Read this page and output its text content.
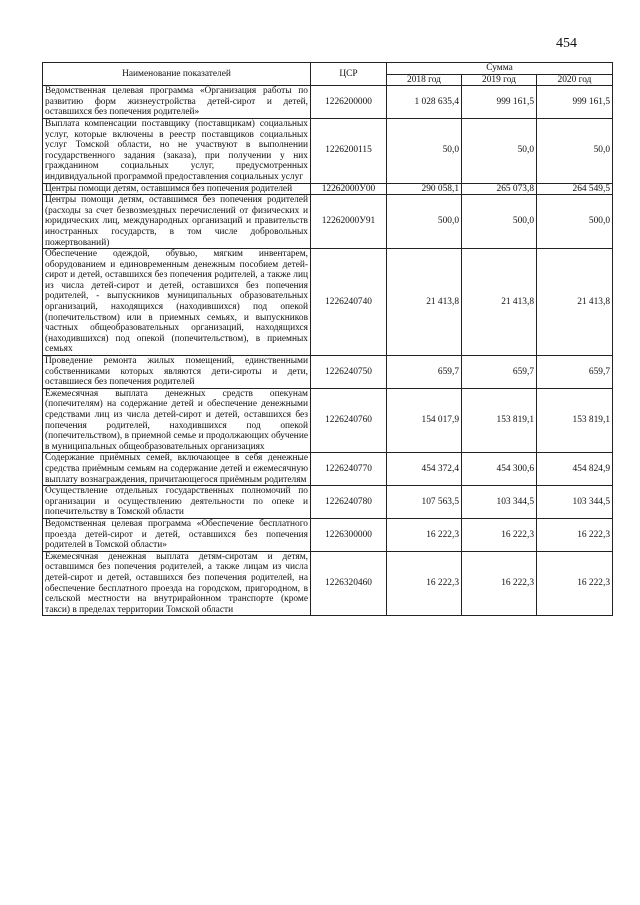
454
Наименование показателей	ЦСР	Сумма		
		2018 год	2019 год	2020 год
Ведомственная целевая программа «Организация работы по развитию форм жизнеустройства детей-сирот и детей, оставшихся без попечения родителей»	1226200000	1 028 635,4	999 161,5	999 161,5
Выплата компенсации поставщику (поставщикам) социальных услуг, которые включены в реестр поставщиков социальных услуг Томской области, но не участвуют в выполнении государственного задания (заказа), при получении у них гражданином социальных услуг, предусмотренных индивидуальной программой предоставления социальных услуг	1226200115	50,0	50,0	50,0
Центры помощи детям, оставшимся без попечения родителей	12262000У00	290 058,1	265 073,8	264 549,5
Центры помощи детям, оставшимся без попечения родителей (расходы за счет безвозмездных перечислений от физических и юридических лиц, международных организаций и правительств иностранных государств, в том числе добровольных пожертвований)	12262000У91	500,0	500,0	500,0
Обеспечение одеждой, обувью, мягким инвентарем, оборудованием и единовременным денежным пособием детей-сирот и детей, оставшихся без попечения родителей, а также лиц из числа детей-сирот и детей, оставшихся без попечения родителей, - выпускников муниципальных образовательных организаций, находящихся (находившихся) под опекой (попечительством) или в приемных семьях, и выпускников частных общеобразовательных организаций, находящихся (находившихся) под опекой (попечительством), в приемных семьях	1226240740	21 413,8	21 413,8	21 413,8
Проведение ремонта жилых помещений, единственными собственниками которых являются дети-сироты и дети, оставшиеся без попечения родителей	1226240750	659,7	659,7	659,7
Ежемесячная выплата денежных средств опекунам (попечителям) на содержание детей и обеспечение денежными средствами лиц из числа детей-сирот и детей, оставшихся без попечения родителей, находившихся под опекой (попечительством), в приемной семье и продолжающих обучение в муниципальных общеобразовательных организациях	1226240760	154 017,9	153 819,1	153 819,1
Содержание приёмных семей, включающее в себя денежные средства приёмным семьям на содержание детей и ежемесячную выплату вознаграждения, причитающегося приёмным родителям	1226240770	454 372,4	454 300,6	454 824,9
Осуществление отдельных государственных полномочий по организации и осуществлению деятельности по опеке и попечительству в Томской области	1226240780	107 563,5	103 344,5	103 344,5
Ведомственная целевая программа «Обеспечение бесплатного проезда детей-сирот и детей, оставшихся без попечения родителей в Томской области»	1226300000	16 222,3	16 222,3	16 222,3
Ежемесячная денежная выплата детям-сиротам и детям, оставшимся без попечения родителей, а также лицам из числа детей-сирот и детей, оставшихся без попечения родителей, на обеспечение бесплатного проезда на городском, пригородном, в сельской местности на внутрирайонном транспорте (кроме такси) в пределах территории Томской области	1226320460	16 222,3	16 222,3	16 222,3
